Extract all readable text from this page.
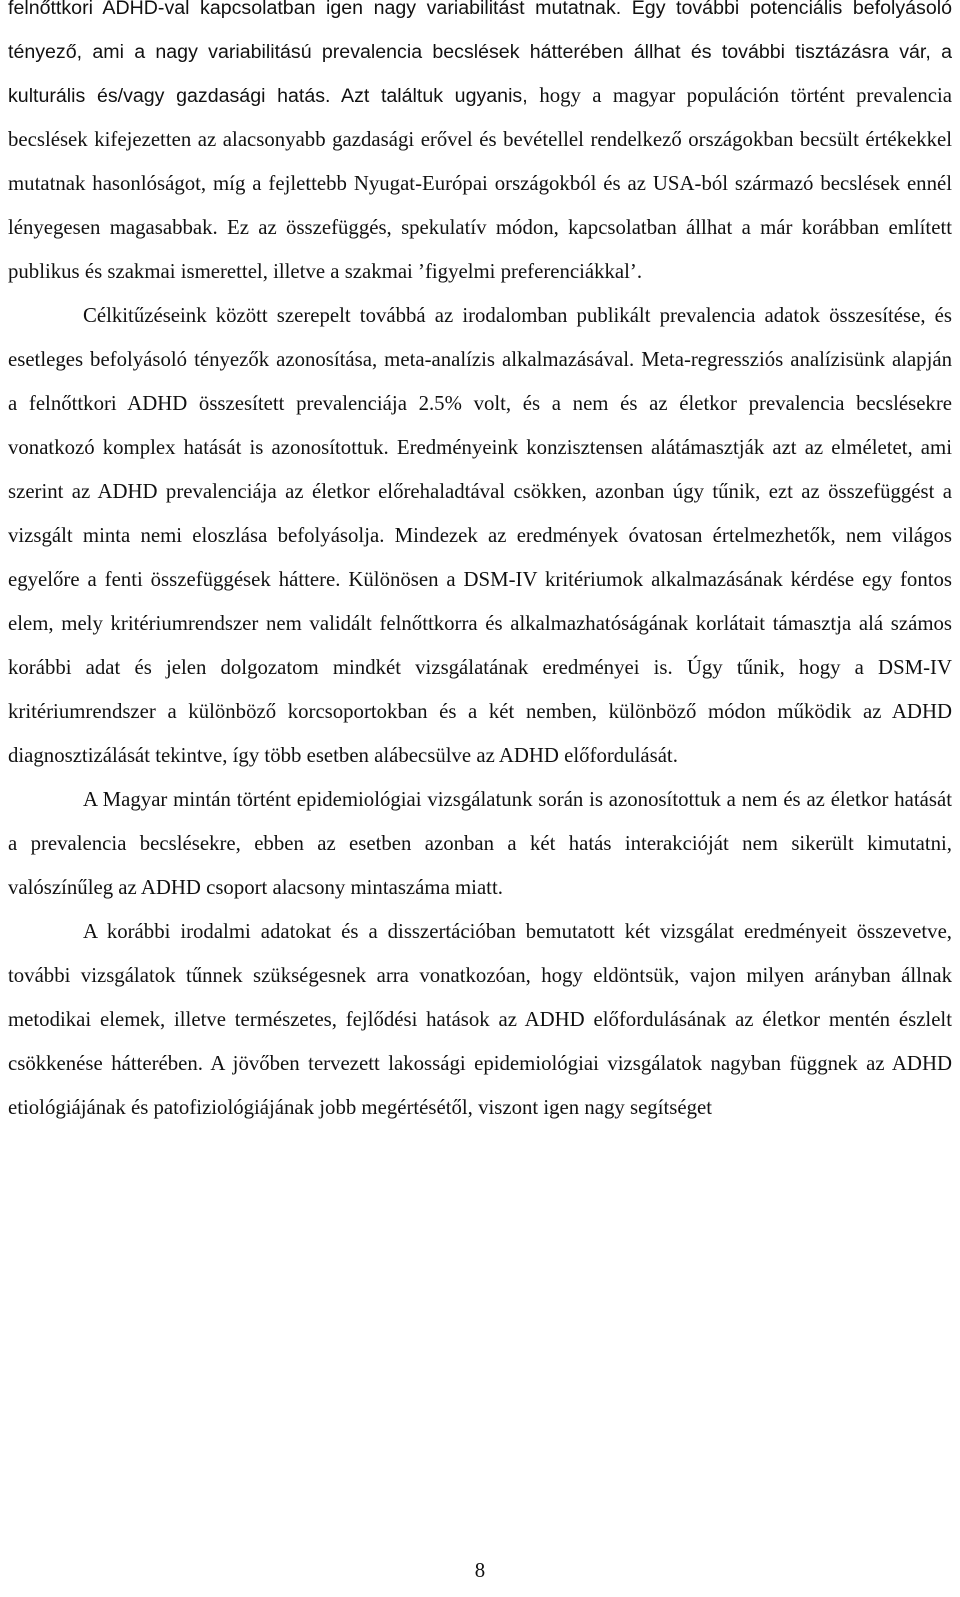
felnőttkori ADHD-val kapcsolatban igen nagy variabilitást mutatnak. Egy további potenciális befolyásoló tényező, ami a nagy variabilitású prevalencia becslések hátterében állhat és további tisztázásra vár, a kulturális és/vagy gazdasági hatás. Azt találtuk ugyanis, hogy a magyar populáción történt prevalencia becslések kifejezetten az alacsonyabb gazdasági erővel és bevétellel rendelkező országokban becsült értékekkel mutatnak hasonlóságot, míg a fejlettebb Nyugat-Európai országokból és az USA-ból származó becslések ennél lényegesen magasabbak. Ez az összefüggés, spekulatív módon, kapcsolatban állhat a már korábban említett publikus és szakmai ismerettel, illetve a szakmai ’figyelmi preferenciákkal’.

Célkitűzéseink között szerepelt továbbá az irodalomban publikált prevalencia adatok összesítése, és esetleges befolyásoló tényezők azonosítása, meta-analízis alkalmazásával. Meta-regressziós analízisünk alapján a felnőttkori ADHD összesített prevalenciája 2.5% volt, és a nem és az életkor prevalencia becslésekre vonatkozó komplex hatását is azonosítottuk. Eredményeink konzisztensen alátámasztják azt az elméletet, ami szerint az ADHD prevalenciája az életkor előrehaladtával csökken, azonban úgy tűnik, ezt az összefüggést a vizsgált minta nemi eloszlása befolyásolja. Mindezek az eredmények óvatosan értelmezhetők, nem világos egyelőre a fenti összefüggések háttere. Különösen a DSM-IV kritériumok alkalmazásának kérdése egy fontos elem, mely kritériumrendszer nem validált felnőttkorra és alkalmazhatóságának korlátait támasztja alá számos korábbi adat és jelen dolgozatom mindkét vizsgálatának eredményei is. Úgy tűnik, hogy a DSM-IV kritériumrendszer a különböző korcsoportokban és a két nemben, különböző módon működik az ADHD diagnosztizálását tekintve, így több esetben alábecsülve az ADHD előfordulását.

A Magyar mintán történt epidemiológiai vizsgálatunk során is azonosítottuk a nem és az életkor hatását a prevalencia becslésekre, ebben az esetben azonban a két hatás interakcióját nem sikerült kimutatni, valószínűleg az ADHD csoport alacsony mintaszáma miatt.

A korábbi irodalmi adatokat és a disszertációban bemutatott két vizsgálat eredményeit összevetve, további vizsgálatok tűnnek szükségesnek arra vonatkozóan, hogy eldöntsük, vajon milyen arányban állnak metodikai elemek, illetve természetes, fejlődési hatások az ADHD előfordulásának az életkor mentén észlelt csökkenése hátterében. A jövőben tervezett lakossági epidemiológiai vizsgálatok nagyban függnek az ADHD etiológiájának és patofiziológiájának jobb megértésétől, viszont igen nagy segítséget

8
